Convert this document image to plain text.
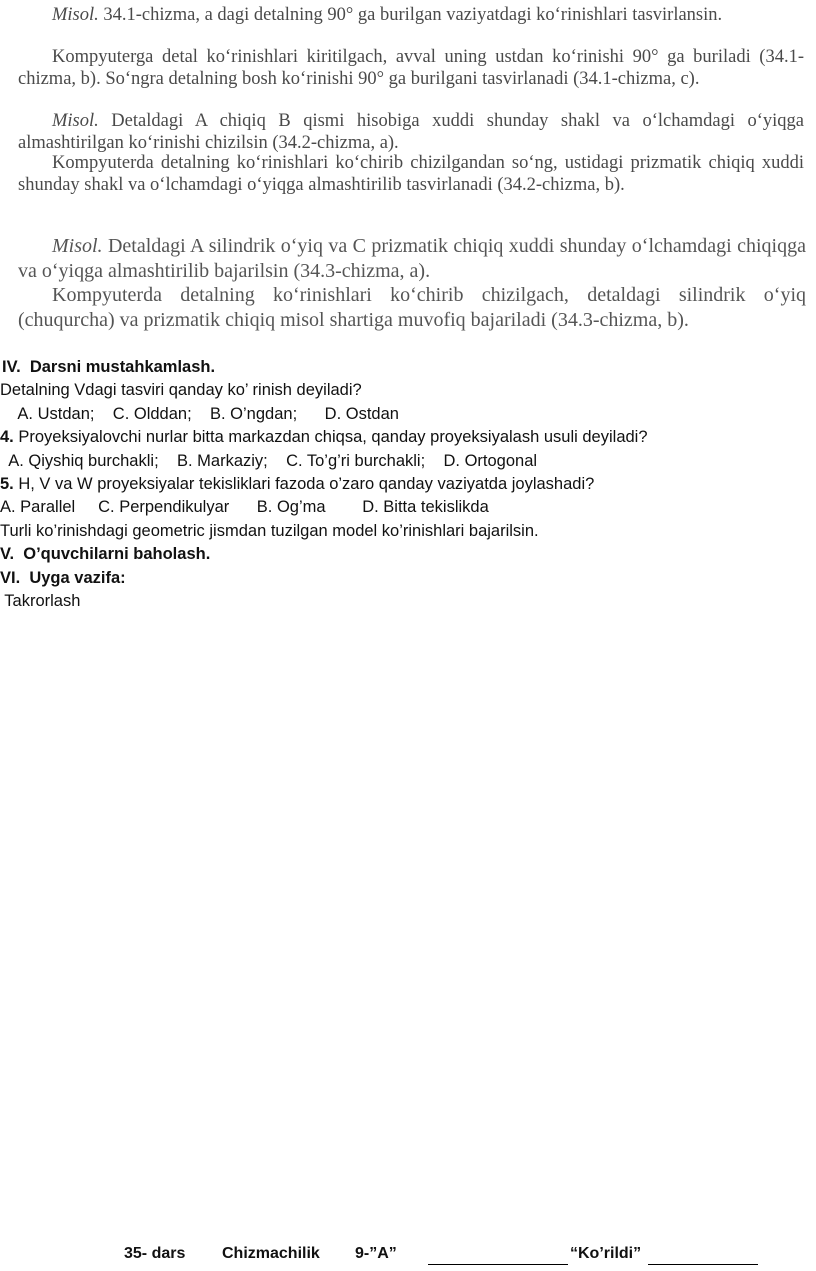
Misol. 34.1-chizma, a dagi detalning 90° ga burilgan vaziyatdagi ko‘rinishlari tasvirlansin.

Kompyuterga detal ko‘rinishlari kiritilgach, avval uning ustdan ko‘rinishi 90° ga buriladi (34.1-chizma, b). So‘ngra detalning bosh ko‘rinishi 90° ga burilgani tasvirlanadi (34.1-chizma, c).

Misol. Detaldagi A chiqiq B qismi hisobiga xuddi shunday shakl va o‘lchamdagi o‘yiqga almashtirilgan ko‘rinishi chizilsin (34.2-chizma, a).

Kompyuterda detalning ko‘rinishlari ko‘chirib chizilgandan so‘ng, ustidagi prizmatik chiqiq xuddi shunday shakl va o‘lchamdagi o‘yiqga almashtirilib tasvirlanadi (34.2-chizma, b).

Misol. Detaldagi A silindrik o‘yiq va C prizmatik chiqiq xuddi shunday o‘lchamdagi chiqiqga va o‘yiqga almashtirilib bajarilsin (34.3-chizma, a).

Kompyuterda detalning ko‘rinishlari ko‘chirib chizilgach, detaldagi silindrik o‘yiq (chuqurcha) va prizmatik chiqiq misol shartiga muvofiq bajariladi (34.3-chizma, b).

IV.  Darsni mustahkamlash.

Detalning Vdagi tasviri qanday ko’ rinish deyiladi?

A. Ustdan;    C. Olddan;    B. O’ngdan;      D. Ostdan

4. Proyeksiyalovchi nurlar bitta markazdan chiqsa, qanday proyeksiyalash usuli deyiladi?

A. Qiyshiq burchakli;    B. Markaziy;    C. To’g’ri burchakli;    D. Ortogonal

5. H, V va W proyeksiyalar tekisliklari fazoda o’zaro qanday vaziyatda joylashadi?

A. Parallel     C. Perpendikulyar      B. Og’ma        D. Bitta tekislikda

Turli ko’rinishdagi geometric jismdan tuzilgan model ko’rinishlari bajarilsin.

V.  O’quvchilarni baholash.

VI.  Uyga vazifa:

Takrorlash

35- dars Chizmachilik 9-”A”	“Ko’rildi”
